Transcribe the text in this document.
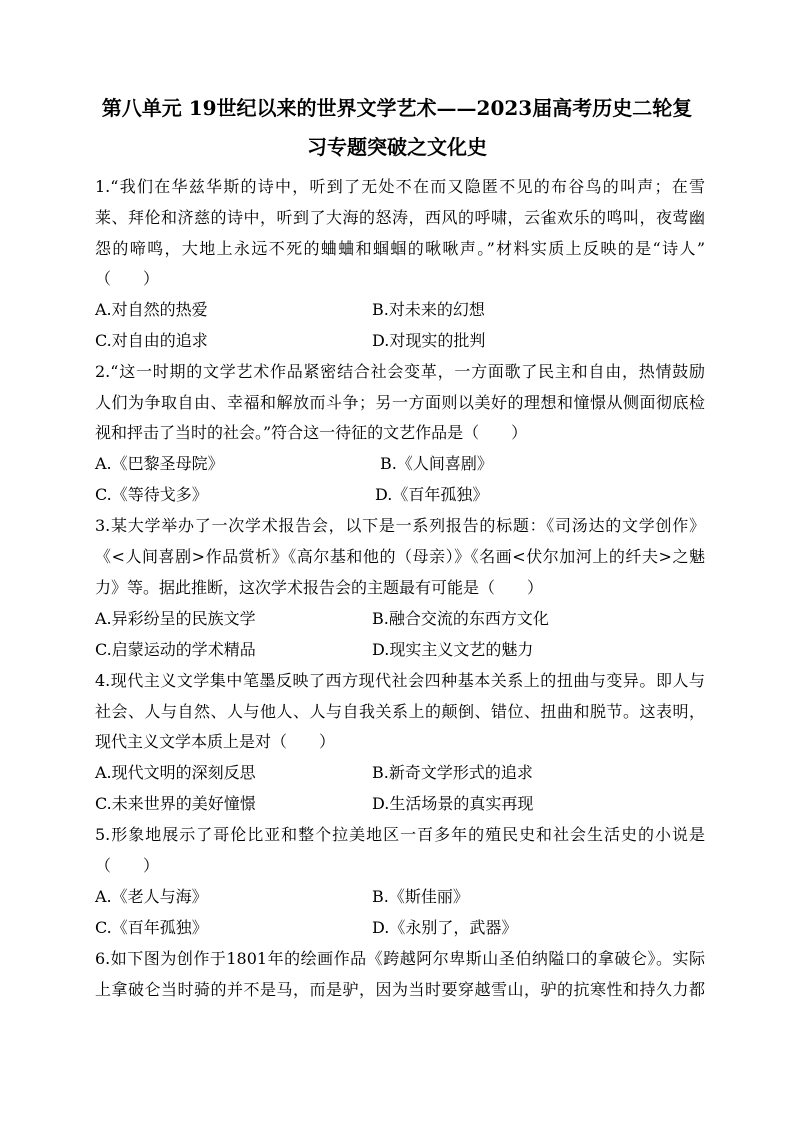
第八单元 19世纪以来的世界文学艺术——2023届高考历史二轮复
习专题突破之文化史
1.“我们在华兹华斯的诗中，听到了无处不在而又隐匿不见的布谷鸟的叫声；在雪
莱、拜伦和济慈的诗中，听到了大海的怒涛，西风的呼啸，云雀欢乐的鸣叫，夜莺幽
怨的啼鸣，大地上永远不死的蛐蛐和蝈蝈的啾啾声。”材料实质上反映的是“诗人”
（　　）
A.对自然的热爱	B.对未来的幻想
C.对自由的追求	D.对现实的批判
2.“这一时期的文学艺术作品紧密结合社会变革，一方面歌了民主和自由，热情鼓励
人们为争取自由、幸福和解放而斗争；另一方面则以美好的理想和憧憬从侧面彻底检
视和抨击了当时的社会。”符合这一待征的文艺作品是（　　）
A.《巴黎圣母院》	B.《人间喜剧》
C.《等待戈多》	D.《百年孤独》
3.某大学举办了一次学术报告会，以下是一系列报告的标题：《司汤达的文学创作》
《<人间喜剧>作品赏析》《高尔基和他的（母亲）》《名画<伏尔加河上的纤夫>之魅
力》等。据此推断，这次学术报告会的主题最有可能是（　　）
A.异彩纷呈的民族文学	B.融合交流的东西方文化
C.启蒙运动的学术精品	D.现实主义文艺的魅力
4.现代主义文学集中笔墨反映了西方现代社会四种基本关系上的扭曲与变异。即人与
社会、人与自然、人与他人、人与自我关系上的颠倒、错位、扭曲和脱节。这表明，
现代主义文学本质上是对（　　）
A.现代文明的深刻反思	B.新奇文学形式的追求
C.未来世界的美好憧憬	D.生活场景的真实再现
5.形象地展示了哥伦比亚和整个拉美地区一百多年的殖民史和社会生活史的小说是
（　　）
A.《老人与海》	B.《斯佳丽》
C.《百年孤独》	D.《永别了，武器》
6.如下图为创作于1801年的绘画作品《跨越阿尔卑斯山圣伯纳隘口的拿破仑》。实际
上拿破仑当时骑的并不是马，而是驴，因为当时要穿越雪山，驴的抗寒性和持久力都
